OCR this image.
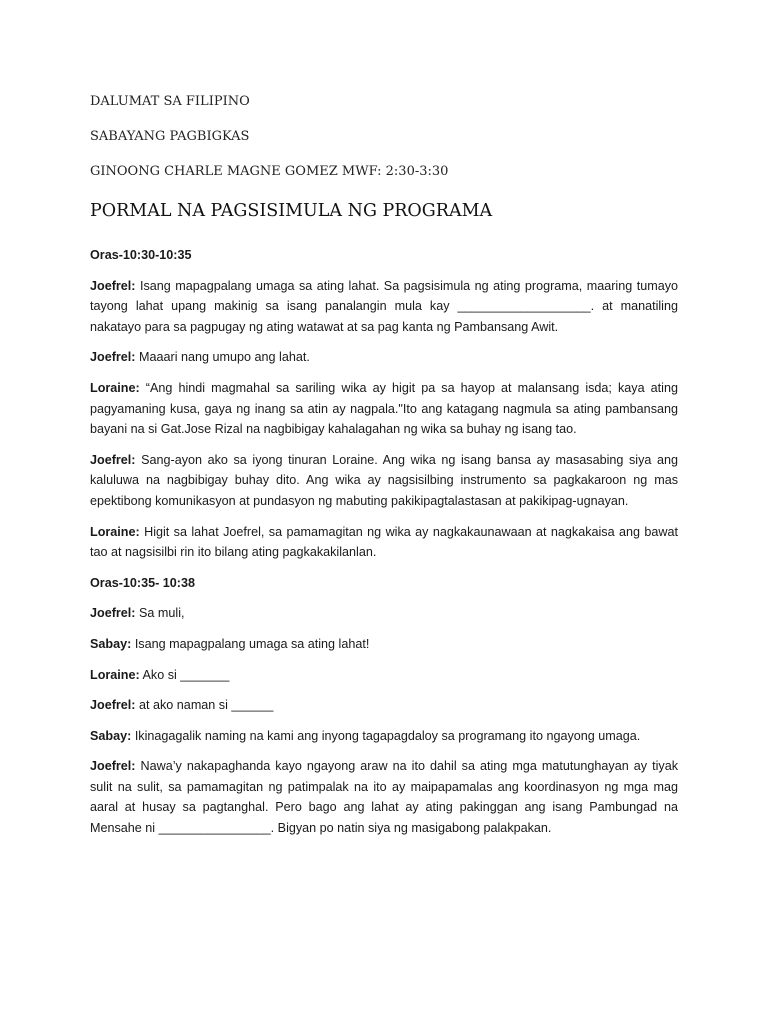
DALUMAT SA FILIPINO

SABAYANG PAGBIGKAS

GINOONG CHARLE MAGNE GOMEZ MWF: 2:30-3:30

PORMAL NA PAGSISIMULA NG PROGRAMA

Oras-10:30-10:35

Joefrel: Isang mapagpalang umaga sa ating lahat. Sa pagsisimula ng ating programa, maaring tumayo tayong lahat upang makinig sa isang panalangin mula kay ___________________. at manatiling nakatayo para sa pagpugay ng ating watawat at sa pag kanta ng Pambansang Awit.

Joefrel: Maaari nang umupo ang lahat.

Loraine: “Ang hindi magmahal sa sariling wika ay higit pa sa hayop at malansang isda; kaya ating pagyamaning kusa, gaya ng inang sa atin ay nagpala."Ito ang katagang nagmula sa ating pambansang bayani na si Gat.Jose Rizal na nagbibigay kahalagahan ng wika sa buhay ng isang tao.

Joefrel: Sang-ayon ako sa iyong tinuran Loraine. Ang wika ng isang bansa ay masasabing siya ang kaluluwa na nagbibigay buhay dito. Ang wika ay nagsisilbing instrumento sa pagkakaroon ng mas epektibong komunikasyon at pundasyon ng mabuting pakikipagtalastasan at pakikipag-ugnayan.

Loraine: Higit sa lahat Joefrel, sa pamamagitan ng wika ay nagkakaunawaan at nagkakaisa ang bawat tao at nagsisilbi rin ito bilang ating pagkakakilanlan.

Oras-10:35- 10:38

Joefrel: Sa muli,

Sabay: Isang mapagpalang umaga sa ating lahat!

Loraine: Ako si _______

Joefrel: at ako naman si ______

Sabay: Ikinagagalik naming na kami ang inyong tagapagdaloy sa programang ito ngayong umaga.

Joefrel: Nawa’y nakapaghanda kayo ngayong araw na ito dahil sa ating mga matutunghayan ay tiyak sulit na sulit, sa pamamagitan ng patimpalak na ito ay maipapamalas ang koordinasyon ng mga mag aaral at husay sa pagtanghal. Pero bago ang lahat ay ating pakinggan ang isang Pambungad na Mensahe ni ________________. Bigyan po natin siya ng masigabong palakpakan.
